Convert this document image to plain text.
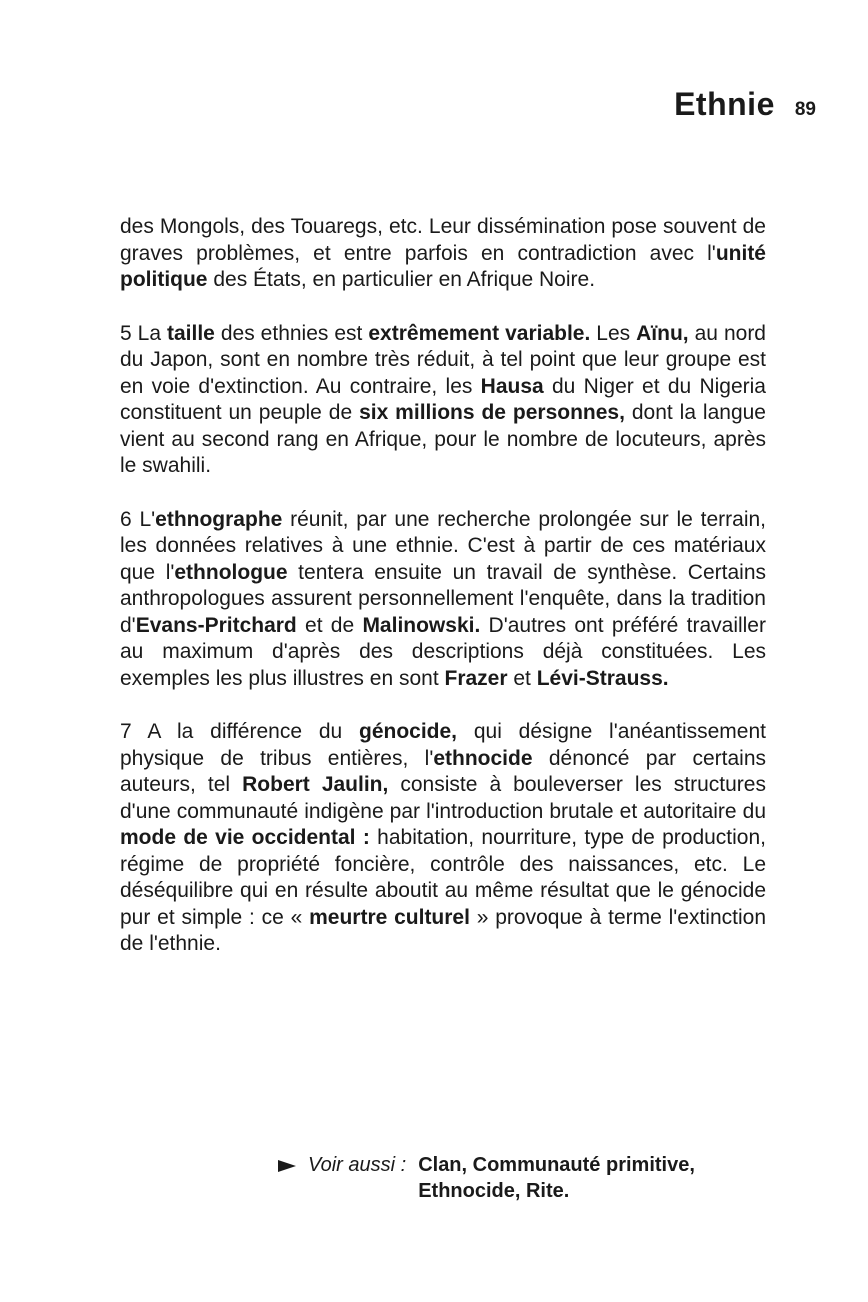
Ethnie 89

des Mongols, des Touaregs, etc. Leur dissémination pose souvent de graves problèmes, et entre parfois en contradiction avec l'unité politique des États, en particulier en Afrique Noire.

5 La taille des ethnies est extrêmement variable. Les Aïnu, au nord du Japon, sont en nombre très réduit, à tel point que leur groupe est en voie d'extinction. Au contraire, les Hausa du Niger et du Nigeria constituent un peuple de six millions de personnes, dont la langue vient au second rang en Afrique, pour le nombre de locuteurs, après le swahili.

6 L'ethnographe réunit, par une recherche prolongée sur le terrain, les données relatives à une ethnie. C'est à partir de ces matériaux que l'ethnologue tentera ensuite un travail de synthèse. Certains anthropologues assurent personnellement l'enquête, dans la tradition d'Evans-Pritchard et de Malinowski. D'autres ont préféré travailler au maximum d'après des descriptions déjà constituées. Les exemples les plus illustres en sont Frazer et Lévi-Strauss.

7 A la différence du génocide, qui désigne l'anéantissement physique de tribus entières, l'ethnocide dénoncé par certains auteurs, tel Robert Jaulin, consiste à bouleverser les structures d'une communauté indigène par l'introduction brutale et autoritaire du mode de vie occidental : habitation, nourriture, type de production, régime de propriété foncière, contrôle des naissances, etc. Le déséquilibre qui en résulte aboutit au même résultat que le génocide pur et simple : ce « meurtre culturel » provoque à terme l'extinction de l'ethnie.

Voir aussi : Clan, Communauté primitive,
Ethnocide, Rite.
